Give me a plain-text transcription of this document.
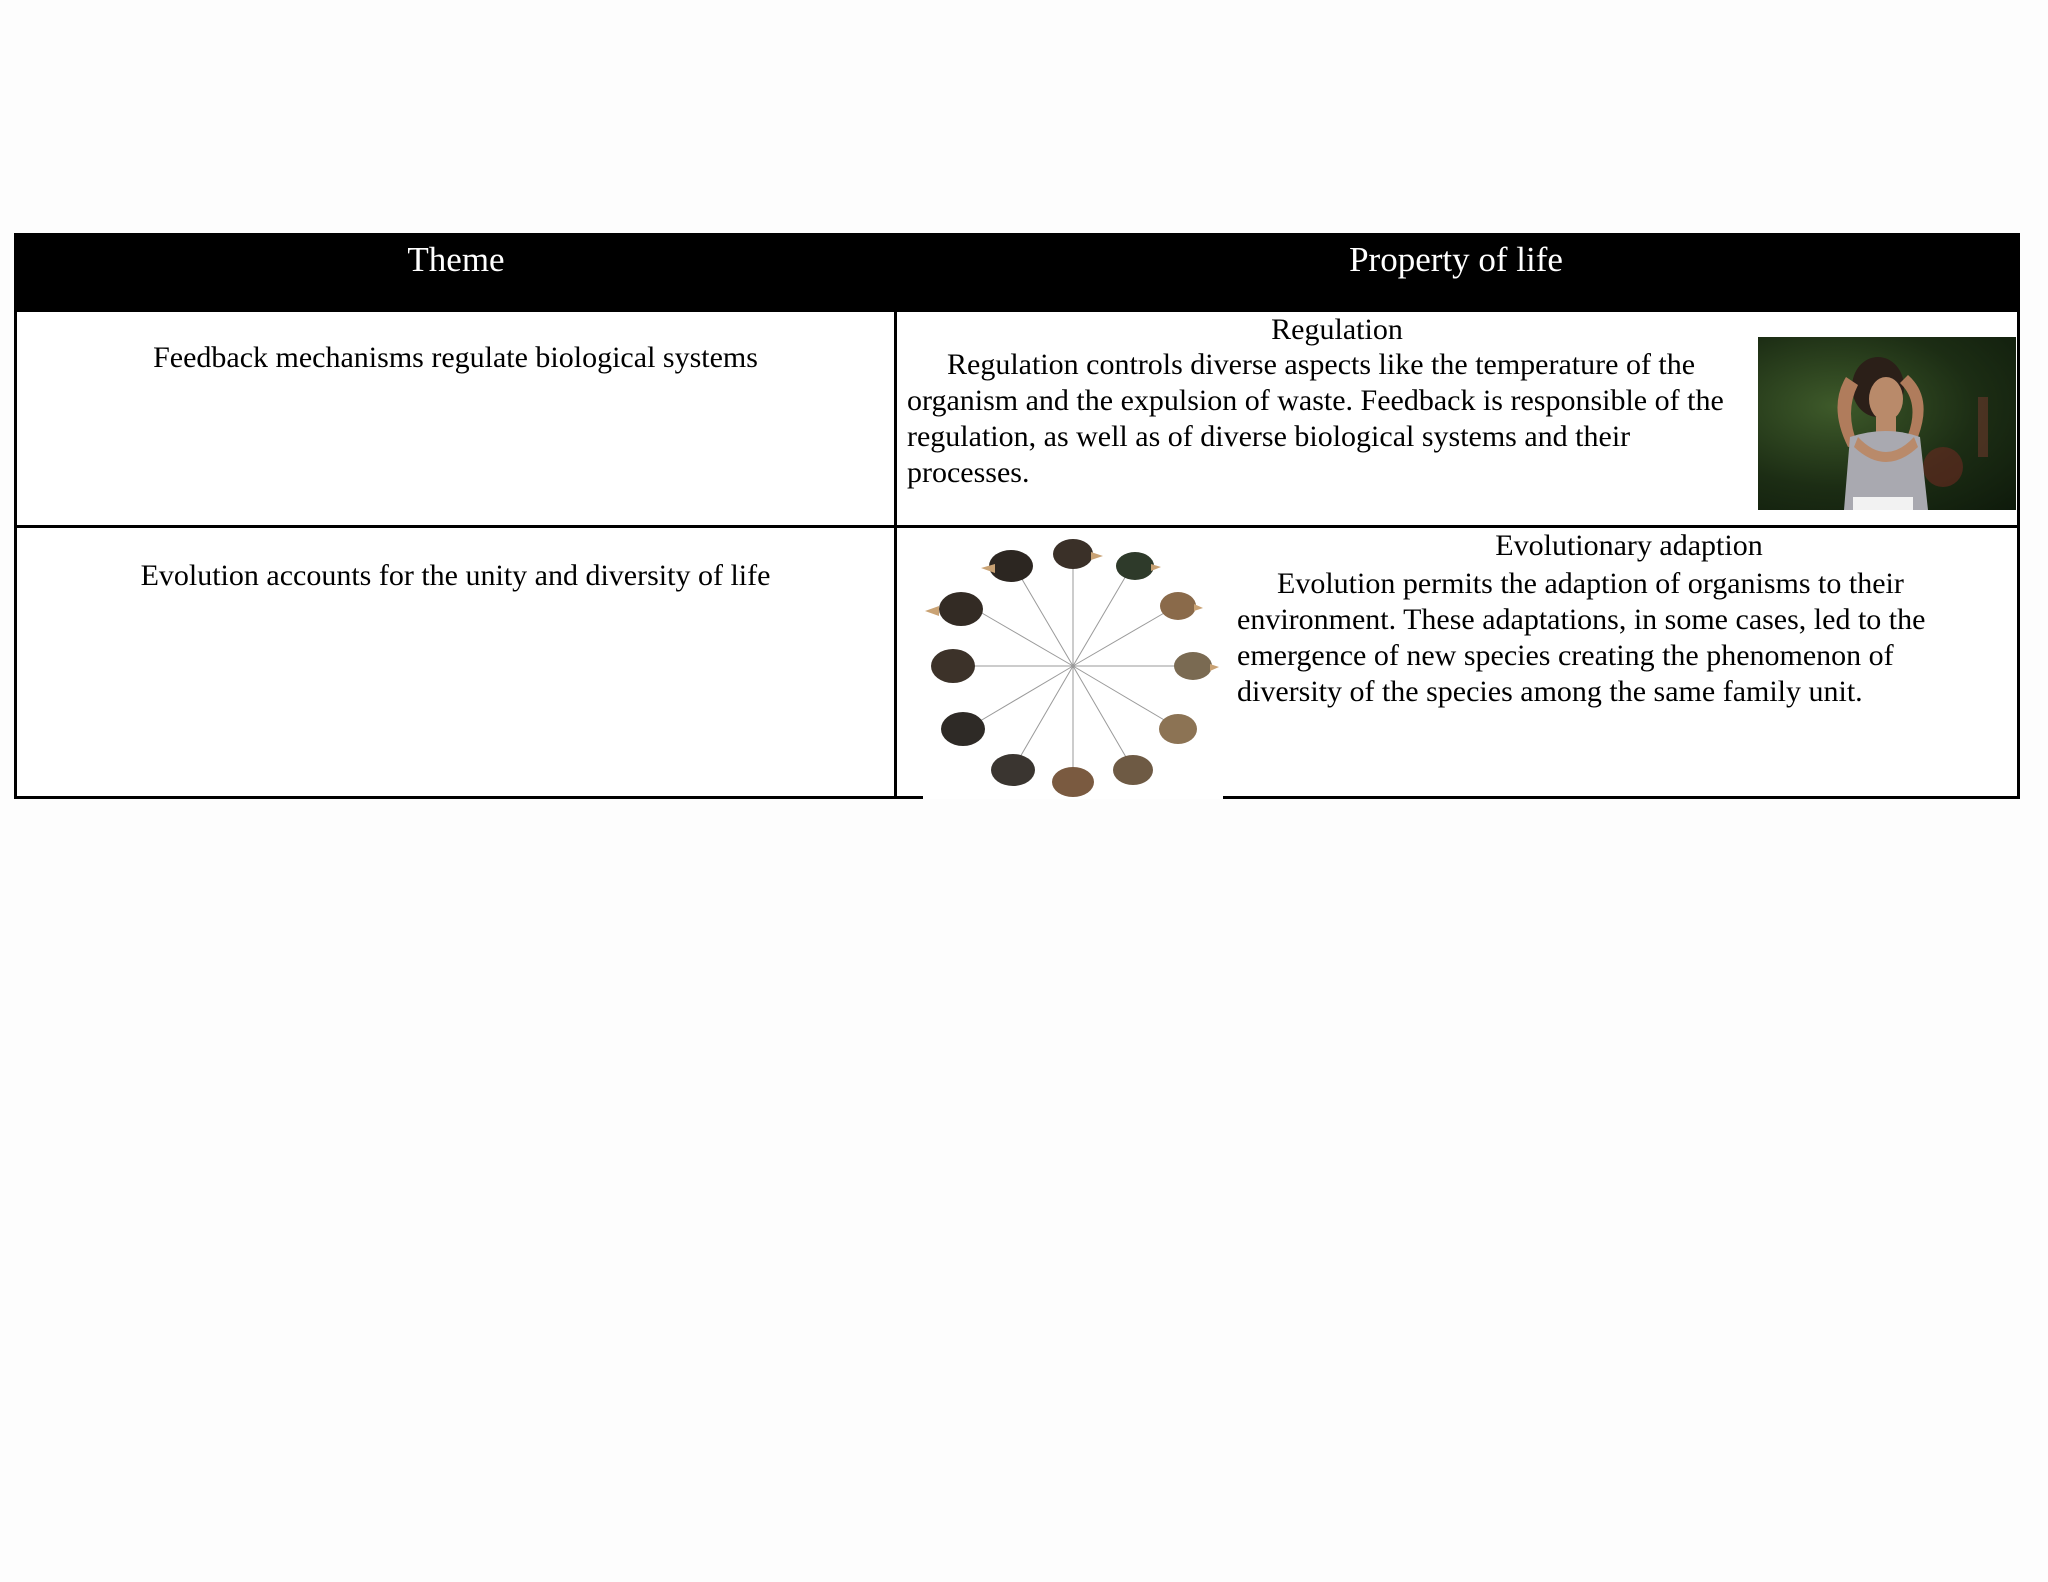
Theme	Property of life
Feedback mechanisms regulate biological systems
Regulation
Regulation controls diverse aspects like the temperature of the organism and the expulsion of waste. Feedback is responsible of the regulation, as well as of diverse biological systems and their processes.
Evolution accounts for the unity and diversity of life
Evolutionary adaption
Evolution permits the adaption of organisms to their environment. These adaptations, in some cases, led to the emergence of new species creating the phenomenon of diversity of the species among the same family unit.
